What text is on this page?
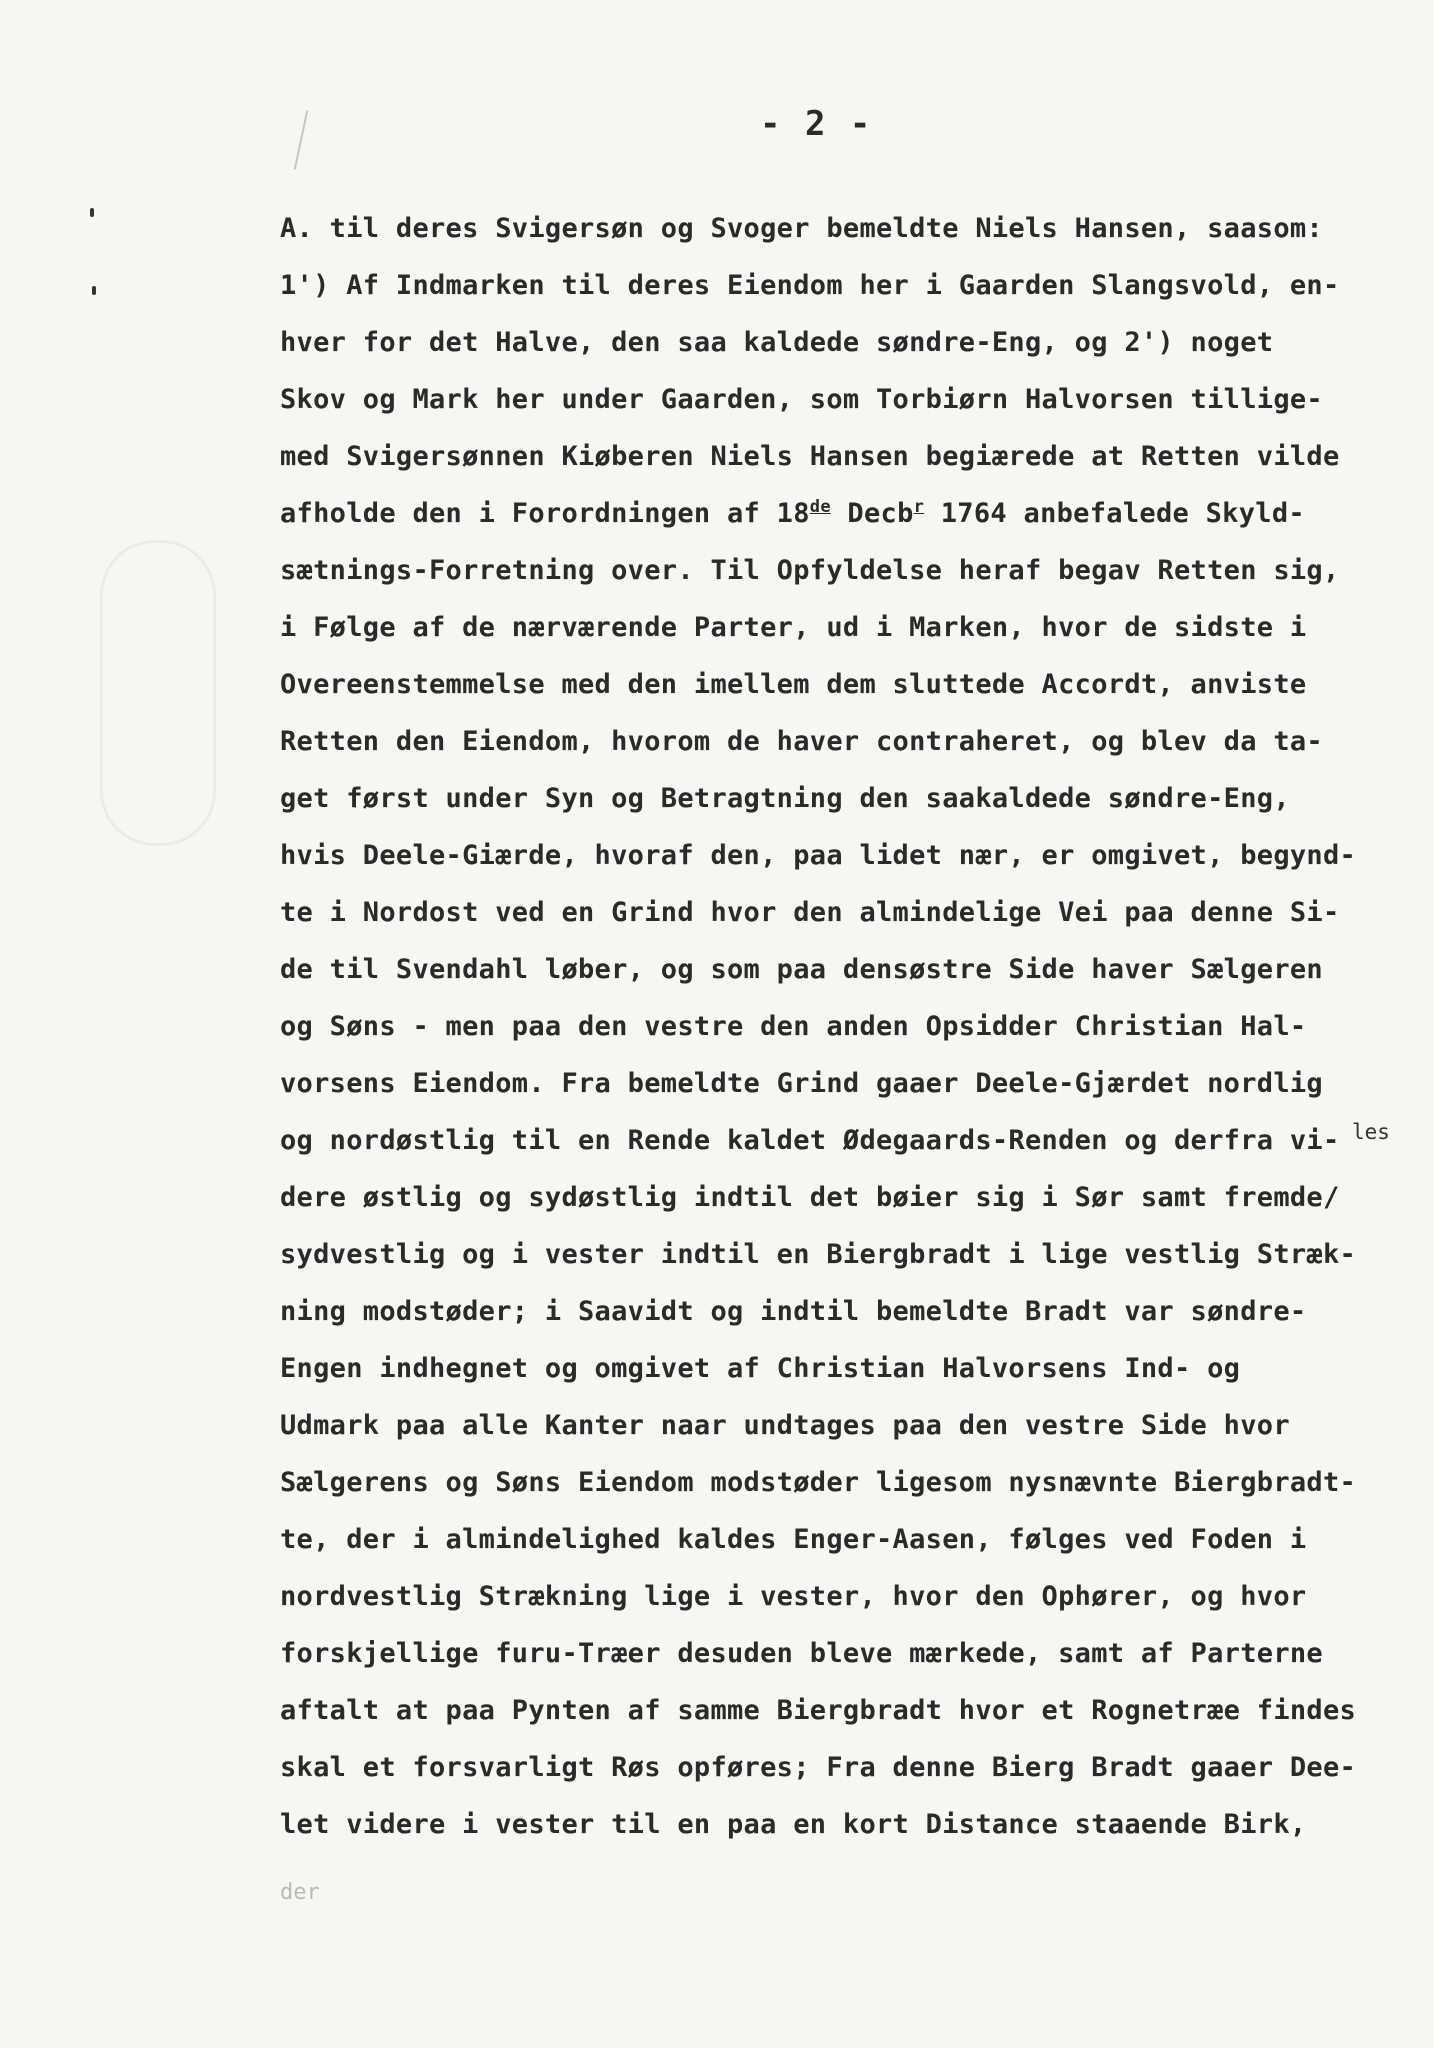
- 2 -
A. til deres Svigersøn og Svoger bemeldte Niels Hansen, saasom:
1') Af Indmarken til deres Eiendom her i Gaarden Slangsvold, en-
hver for det Halve, den saa kaldede søndre-Eng, og 2') noget
Skov og Mark her under Gaarden, som Torbiørn Halvorsen tillige-
med Svigersønnen Kiøberen Niels Hansen begiærede at Retten vilde
afholde den i Forordningen af 18de Decb$^r$ 1764 anbefalede Skyld-
sætnings-Forretning over. Til Opfyldelse heraf begav Retten sig,
i Følge af de nærværende Parter, ud i Marken, hvor de sidste i
Overeenstemmelse med den imellem dem sluttede Accordt, anviste
Retten den Eiendom, hvorom de haver contraheret, og blev da ta-
get først under Syn og Betragtning den saakaldede søndre-Eng,
hvis Deele-Giærde, hvoraf den, paa lidet nær, er omgivet, begynd-
te i Nordost ved en Grind hvor den almindelige Vei paa denne Si-
de til Svendahl løber, og som paa densøstre Side haver Sælgeren
og Søns - men paa den vestre den anden Opsidder Christian Hal-
vorsens Eiendom. Fra bemeldte Grind gaaer Deele-Gjærdet nordlig
og nordøstlig til en Rende kaldet Ødegaards-Renden og derfra vi-
dere østlig og sydøstlig indtil det bøier sig i Sør samt fremde/
sydvestlig og i vester indtil en Biergbradt i lige vestlig Stræk-
ning modstøder; i Saavidt og indtil bemeldte Bradt var søndre-
Engen indhegnet og omgivet af Christian Halvorsens Ind- og
Udmark paa alle Kanter naar undtages paa den vestre Side hvor
Sælgerens og Søns Eiendom modstøder ligesom nysnævnte Biergbradt-
te, der i almindelighed kaldes Enger-Aasen, følges ved Foden i
nordvestlig Strækning lige i vester, hvor den Ophører, og hvor
forskjellige furu-Træer desuden bleve mærkede, samt af Parterne
aftalt at paa Pynten af samme Biergbradt hvor et Rognetræe findes
skal et forsvarligt Røs opføres; Fra denne Bierg Bradt gaaer Dee-
let videre i vester til en paa en kort Distance staaende Birk,
les
der
